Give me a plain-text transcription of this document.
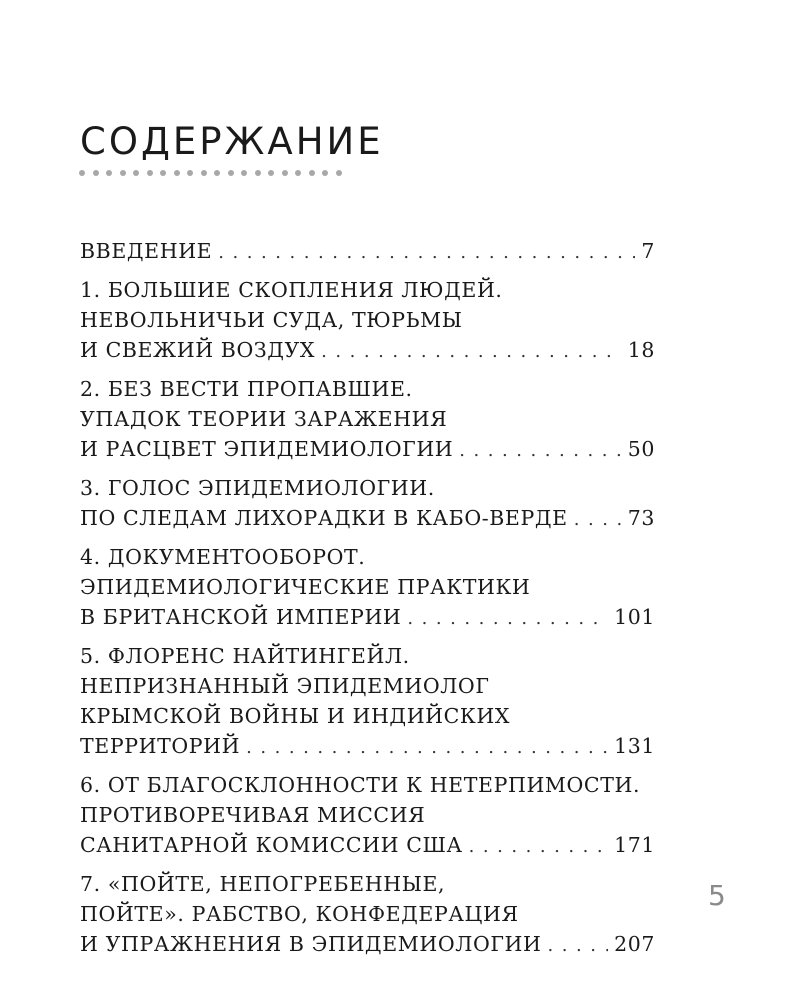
СОДЕРЖАНИЕ
ВВЕДЕНИЕ . . .	7
1. БОЛЬШИЕ СКОПЛЕНИЯ ЛЮДЕЙ.
НЕВОЛЬНИЧЬИ СУДА, ТЮРЬМЫ
И СВЕЖИЙ ВОЗДУХ . . .	18
2. БЕЗ ВЕСТИ ПРОПАВШИЕ.
УПАДОК ТЕОРИИ ЗАРАЖЕНИЯ
И РАСЦВЕТ ЭПИДЕМИОЛОГИИ . . .	50
3. ГОЛОС ЭПИДЕМИОЛОГИИ.
ПО СЛЕДАМ ЛИХОРАДКИ В КАБО-ВЕРДЕ . . .	73
4. ДОКУМЕНТООБОРОТ.
ЭПИДЕМИОЛОГИЧЕСКИЕ ПРАКТИКИ
В БРИТАНСКОЙ ИМПЕРИИ . . .	101
5. ФЛОРЕНС НАЙТИНГЕЙЛ.
НЕПРИЗНАННЫЙ ЭПИДЕМИОЛОГ
КРЫМСКОЙ ВОЙНЫ И ИНДИЙСКИХ
ТЕРРИТОРИЙ . . .	131
6. ОТ БЛАГОСКЛОННОСТИ К НЕТЕРПИМОСТИ.
ПРОТИВОРЕЧИВАЯ МИССИЯ
САНИТАРНОЙ КОМИССИИ США . . .	171
7. «ПОЙТЕ, НЕПОГРЕБЕННЫЕ,
ПОЙТЕ». РАБСТВО, КОНФЕДЕРАЦИЯ
И УПРАЖНЕНИЯ В ЭПИДЕМИОЛОГИИ . . .	207
5
